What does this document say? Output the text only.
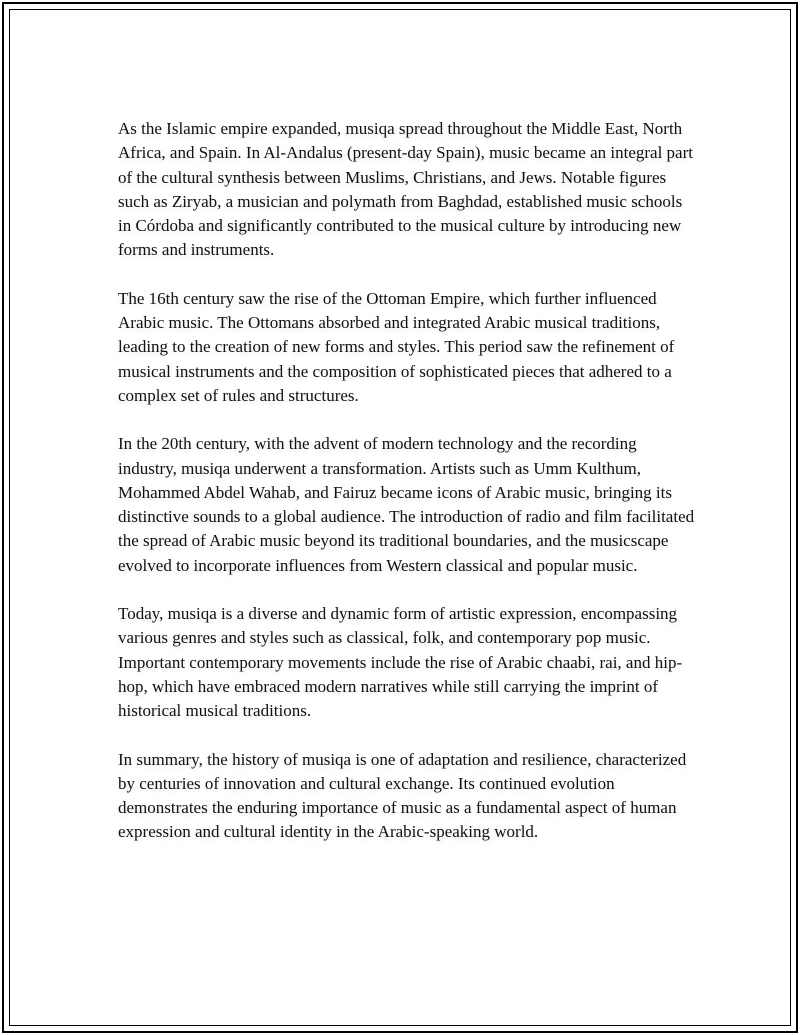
As the Islamic empire expanded, musiqa spread throughout the Middle East, North Africa, and Spain. In Al-Andalus (present-day Spain), music became an integral part of the cultural synthesis between Muslims, Christians, and Jews. Notable figures such as Ziryab, a musician and polymath from Baghdad, established music schools in Córdoba and significantly contributed to the musical culture by introducing new forms and instruments.

The 16th century saw the rise of the Ottoman Empire, which further influenced Arabic music. The Ottomans absorbed and integrated Arabic musical traditions, leading to the creation of new forms and styles. This period saw the refinement of musical instruments and the composition of sophisticated pieces that adhered to a complex set of rules and structures.

In the 20th century, with the advent of modern technology and the recording industry, musiqa underwent a transformation. Artists such as Umm Kulthum, Mohammed Abdel Wahab, and Fairuz became icons of Arabic music, bringing its distinctive sounds to a global audience. The introduction of radio and film facilitated the spread of Arabic music beyond its traditional boundaries, and the musicscape evolved to incorporate influences from Western classical and popular music.

Today, musiqa is a diverse and dynamic form of artistic expression, encompassing various genres and styles such as classical, folk, and contemporary pop music. Important contemporary movements include the rise of Arabic chaabi, rai, and hip-hop, which have embraced modern narratives while still carrying the imprint of historical musical traditions.

In summary, the history of musiqa is one of adaptation and resilience, characterized by centuries of innovation and cultural exchange. Its continued evolution demonstrates the enduring importance of music as a fundamental aspect of human expression and cultural identity in the Arabic-speaking world.
